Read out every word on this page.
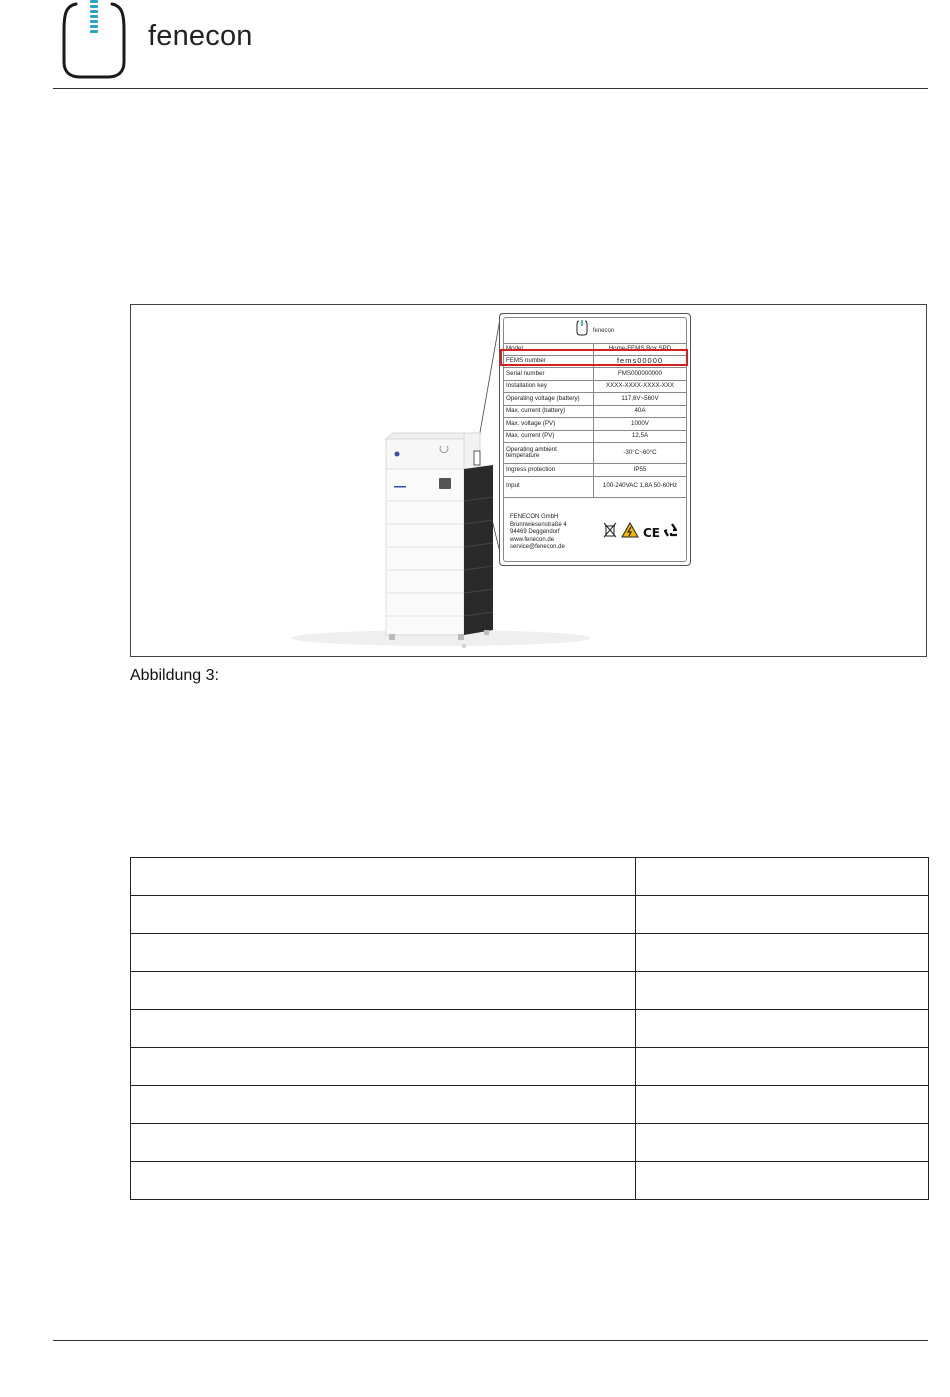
fenecon
fenecon
Model	Home-FEMS Box SPD
FEMS number	fems00000
Serial number	FMS000000000
Installation key	XXXX-XXXX-XXXX-XXX
Operating voltage (battery)	117,6V~560V
Max. current (battery)	40A
Max. voltage (PV)	1000V
Max. current (PV)	12,5A
Operating ambient temperature	-30°C~60°C
Ingress protection	IP55
Input	100-240VAC 1,8A 50-60Hz
FENECON GmbH
Brunnwiesenstraße 4
94469 Deggendorf
www.fenecon.de
service@fenecon.de
CE
Abbildung 3:
